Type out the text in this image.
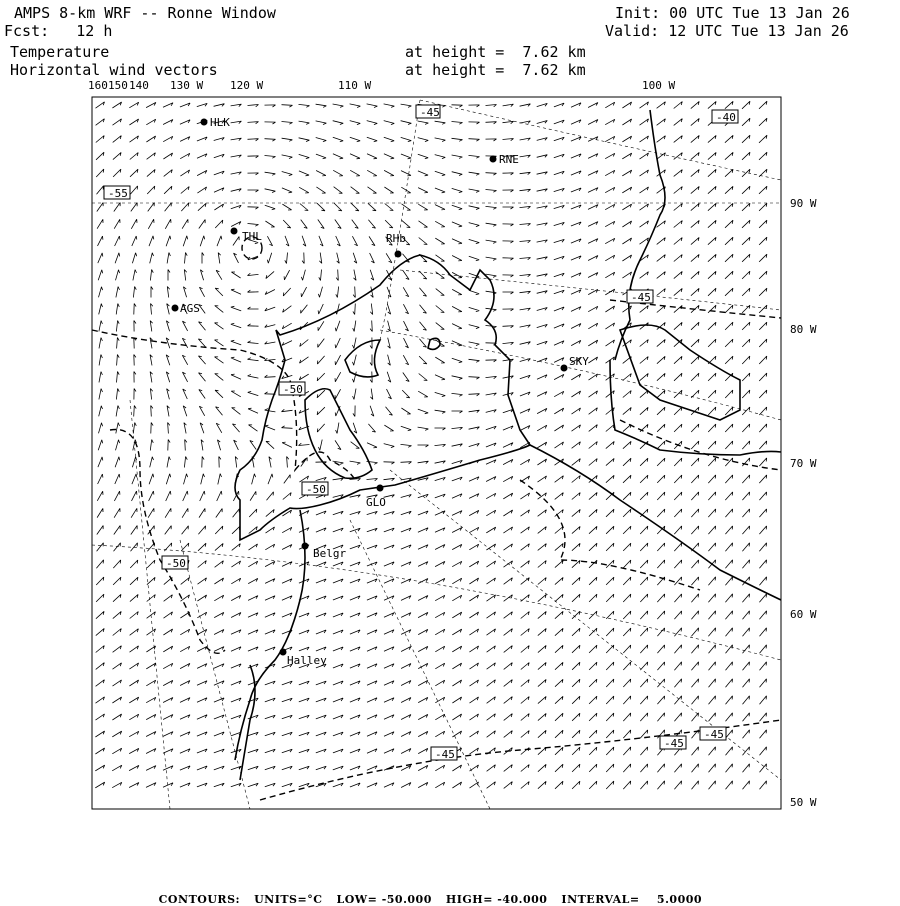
AMPS 8-km WRF -- Ronne Window	Init: 00 UTC Tue 13 Jan 26
Fcst:   12 h	Valid: 12 UTC Tue 13 Jan 26
Temperature	at height =  7.62 km
Horizontal wind vectors	at height =  7.62 km
160 150 140 130 W 120 W	110 W	100 W
-45	-40
-55
-45
-50
-50
-50
-45
-45
-45
HLK
RNE
THL	RHb
AGS
SKY
GLO
Belgr
Halley
90 W
80 W
70 W
60 W
50 W

CONTOURS: UNITS=°C LOW= -50.000 HIGH= -40.000 INTERVAL=    5.0000
